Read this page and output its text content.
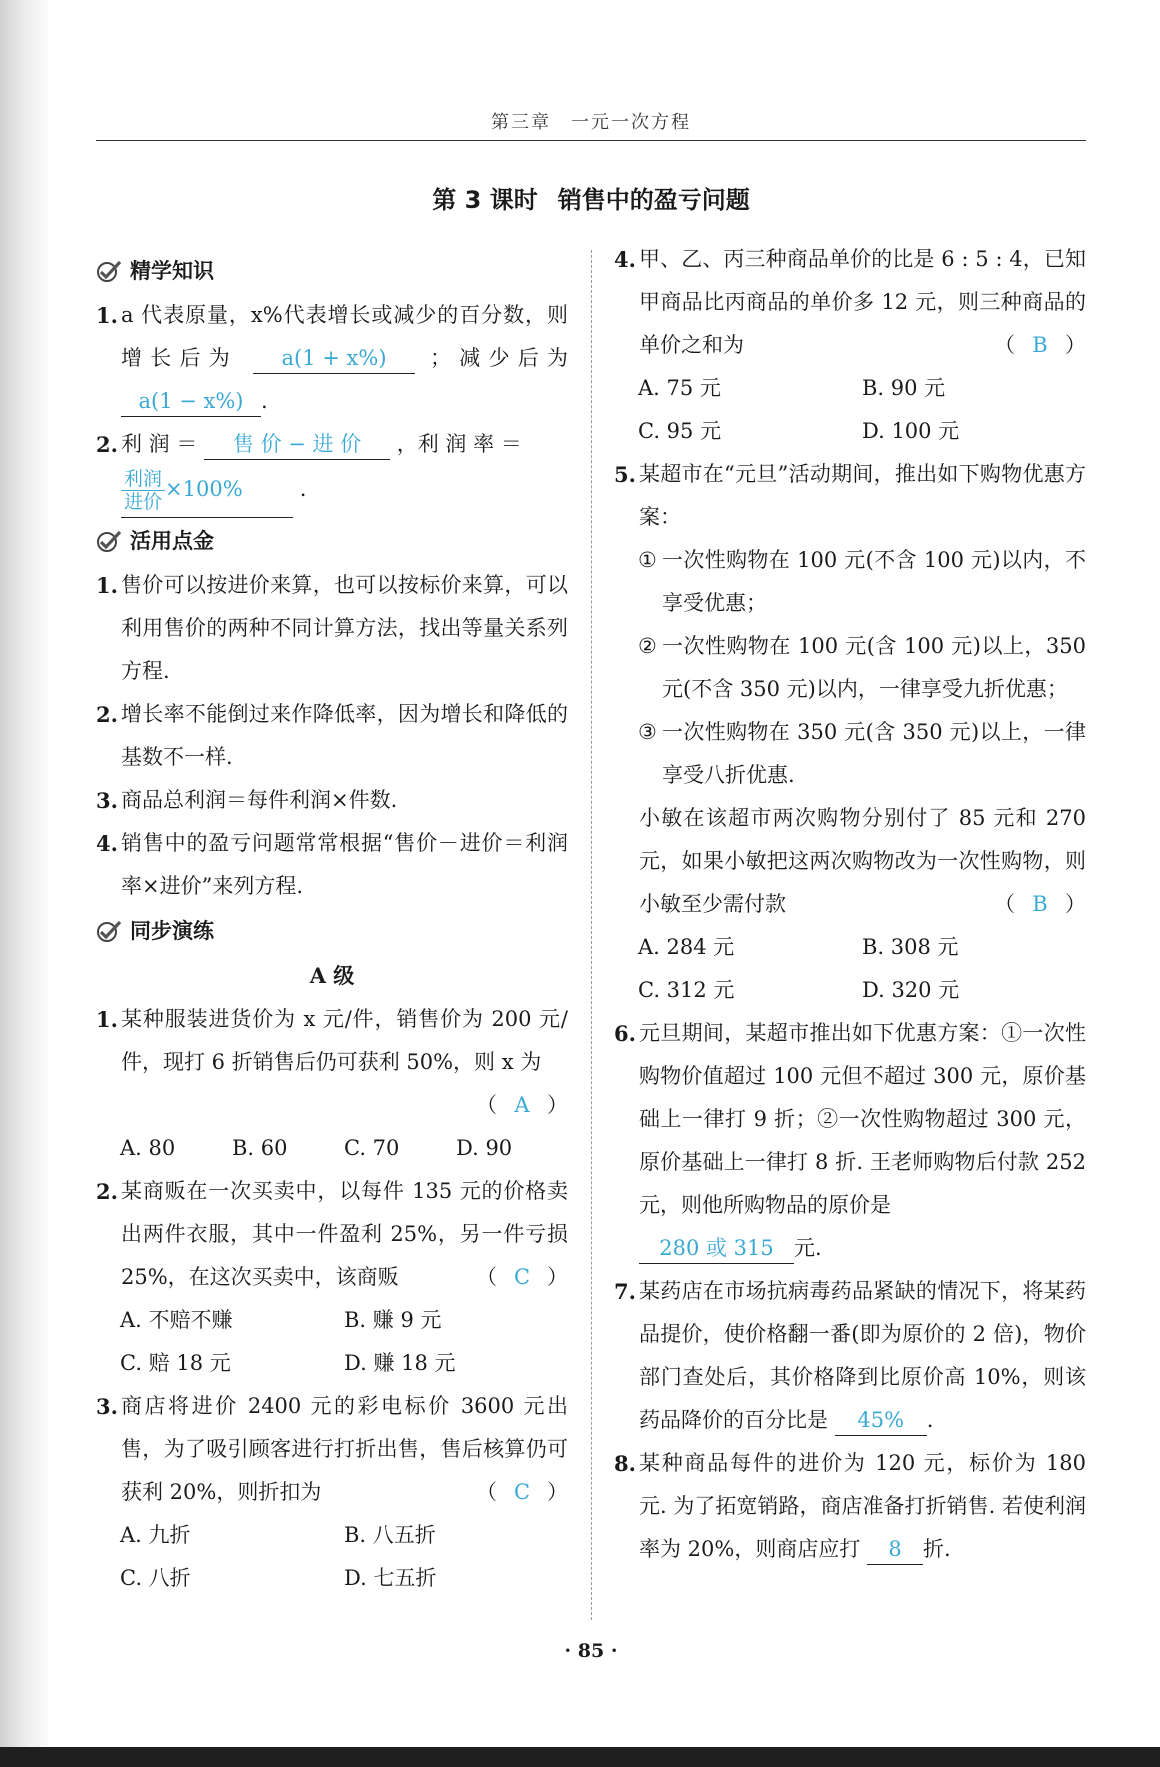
第三章　一元一次方程
第 3 课时 销售中的盈亏问题
精学知识
1. a 代表原量，x%代表增长或减少的百分数，则增长后为 a(1 + x%) ；减少后为 a(1 − x%) .
2. 利 润 ＝ 售 价 − 进 价 ，利 润 率 ＝

$\frac{\text{利润}}{\text{进价}} \times 100\%$	.
活用点金
1. 售价可以按进价来算，也可以按标价来算，可以利用售价的两种不同计算方法，找出等量关系列方程.
2. 增长率不能倒过来作降低率，因为增长和降低的基数不一样.
3. 商品总利润＝每件利润×件数.
4. 销售中的盈亏问题常常根据“售价－进价＝利润率×进价”来列方程.
同步演练
A 级
1. 某种服装进货价为 x 元/件，销售价为 200 元/件，现打 6 折销售后仍可获利 50%，则 x 为
（ A ）
A. 80	B. 60	C. 70	D. 90
2. 某商贩在一次买卖中，以每件 135 元的价格卖出两件衣服，其中一件盈利 25%，另一件亏损 25%，在这次买卖中，该商贩	（ C ）
A. 不赔不赚	B. 赚 9 元
C. 赔 18 元	D. 赚 18 元
3. 商店将进价 2400 元的彩电标价 3600 元出售，为了吸引顾客进行打折出售，售后核算仍可获利 20%，则折扣为	（ C ）
A. 九折	B. 八五折
C. 八折	D. 七五折
4. 甲、乙、丙三种商品单价的比是 6 : 5 : 4，已知甲商品比丙商品的单价多 12 元，则三种商品的单价之和为	（ B ）
A. 75 元	B. 90 元
C. 95 元	D. 100 元
5. 某超市在“元旦”活动期间，推出如下购物优惠方案：
① 一次性购物在 100 元(不含 100 元)以内，不享受优惠；
② 一次性购物在 100 元(含 100 元)以上，350 元(不含 350 元)以内，一律享受九折优惠；
③ 一次性购物在 350 元(含 350 元)以上，一律享受八折优惠.
小敏在该超市两次购物分别付了 85 元和 270 元，如果小敏把这两次购物改为一次性购物，则小敏至少需付款	（ B ）
A. 284 元	B. 308 元
C. 312 元	D. 320 元
6. 元旦期间，某超市推出如下优惠方案：①一次性购物价值超过 100 元但不超过 300 元，原价基础上一律打 9 折；②一次性购物超过 300 元，原价基础上一律打 8 折. 王老师购物后付款 252 元，则他所购物品的原价是
280 或 315 元.
7. 某药店在市场抗病毒药品紧缺的情况下，将某药品提价，使价格翻一番(即为原价的 2 倍)，物价部门查处后，其价格降到比原价高 10%，则该药品降价的百分比是 45% .
8. 某种商品每件的进价为 120 元，标价为 180 元. 为了拓宽销路，商店准备打折销售. 若使利润率为 20%，则商店应打 8 折.
· 85 ·
